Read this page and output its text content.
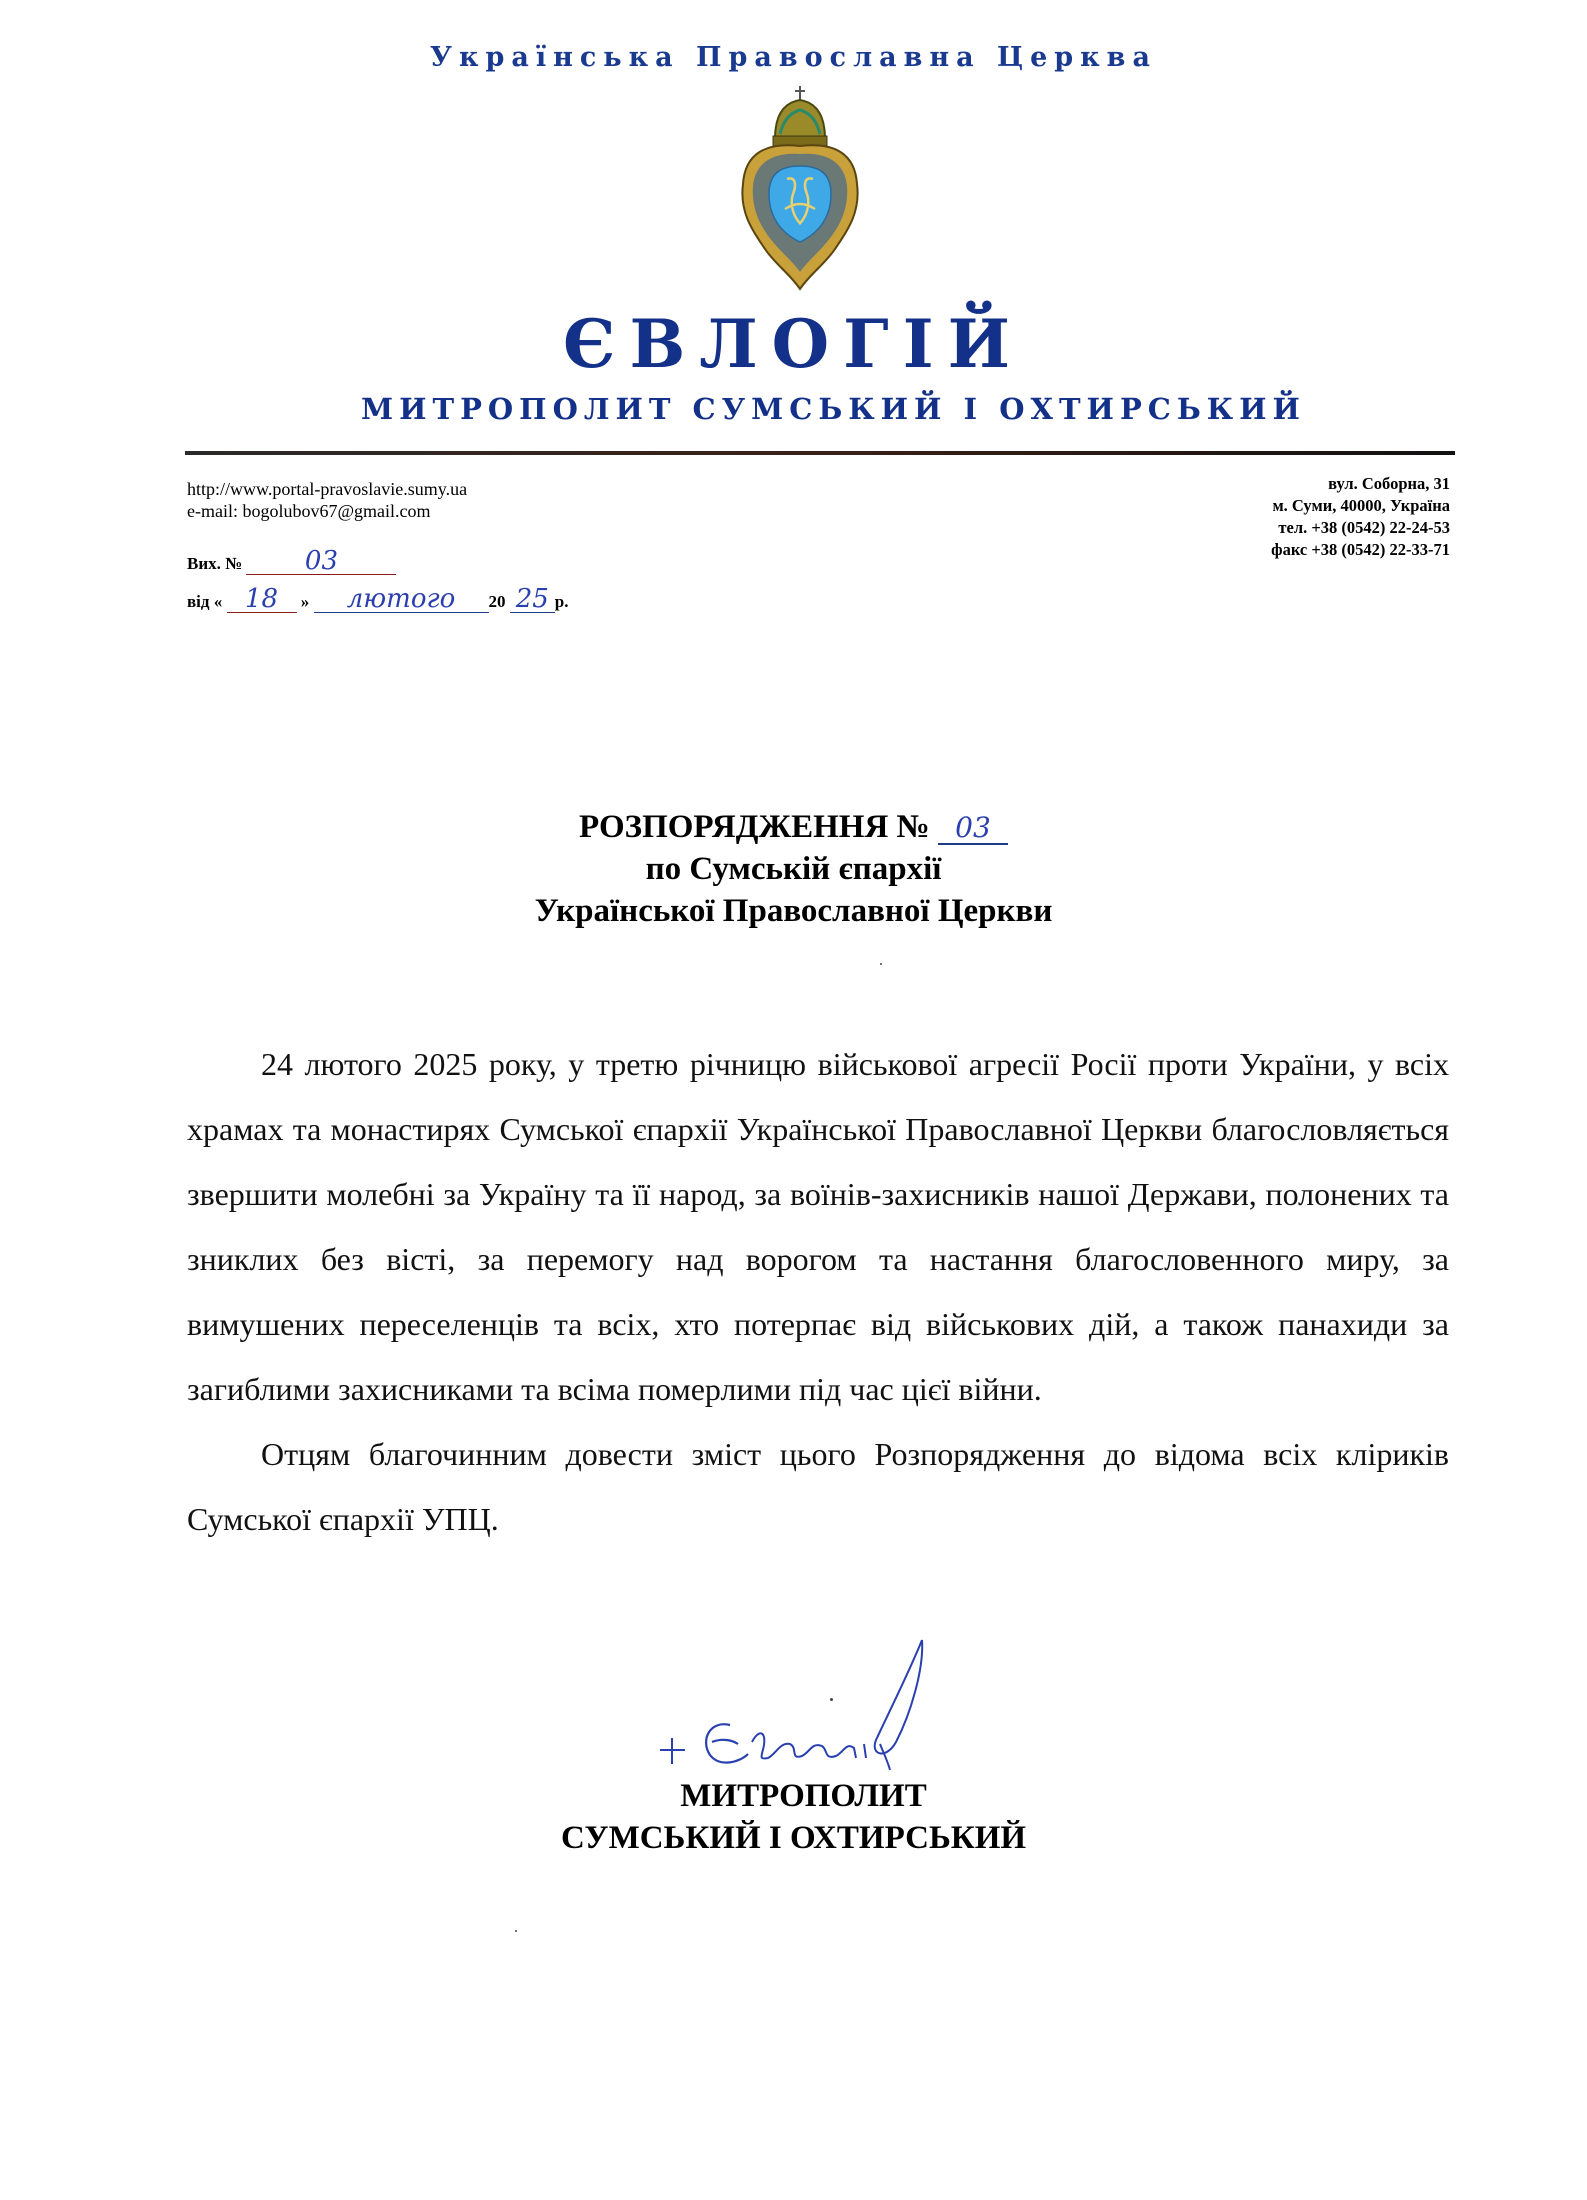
Українська Православна Церква
ЄВЛОГІЙ
МИТРОПОЛИТ СУМСЬКИЙ І ОХТИРСЬКИЙ
http://www.portal-pravoslavie.sumy.ua
e-mail: bogolubov67@gmail.com
вул. Соборна, 31
м. Суми, 40000, Україна
тел. +38 (0542) 22-24-53
факс +38 (0542) 22-33-71
Вих. № 03
від « 18 » лютого 20 25 р.
РОЗПОРЯДЖЕННЯ № 03
по Сумській єпархії
Української Православної Церкви

24 лютого 2025 року, у третю річницю військової агресії Росії проти України, у всіх храмах та монастирях Сумської єпархії Української Православної Церкви благословляється звершити молебні за Україну та її народ, за воїнів-захисників нашої Держави, полонених та зниклих без вісті, за перемогу над ворогом та настання благословенного миру, за вимушених переселенців та всіх, хто потерпає від військових дій, а також панахиди за загиблими захисниками та всіма померлими під час цієї війни.

Отцям благочинним довести зміст цього Розпорядження до відома всіх кліриків Сумської єпархії УПЦ.

МИТРОПОЛИТ
СУМСЬКИЙ І ОХТИРСЬКИЙ
